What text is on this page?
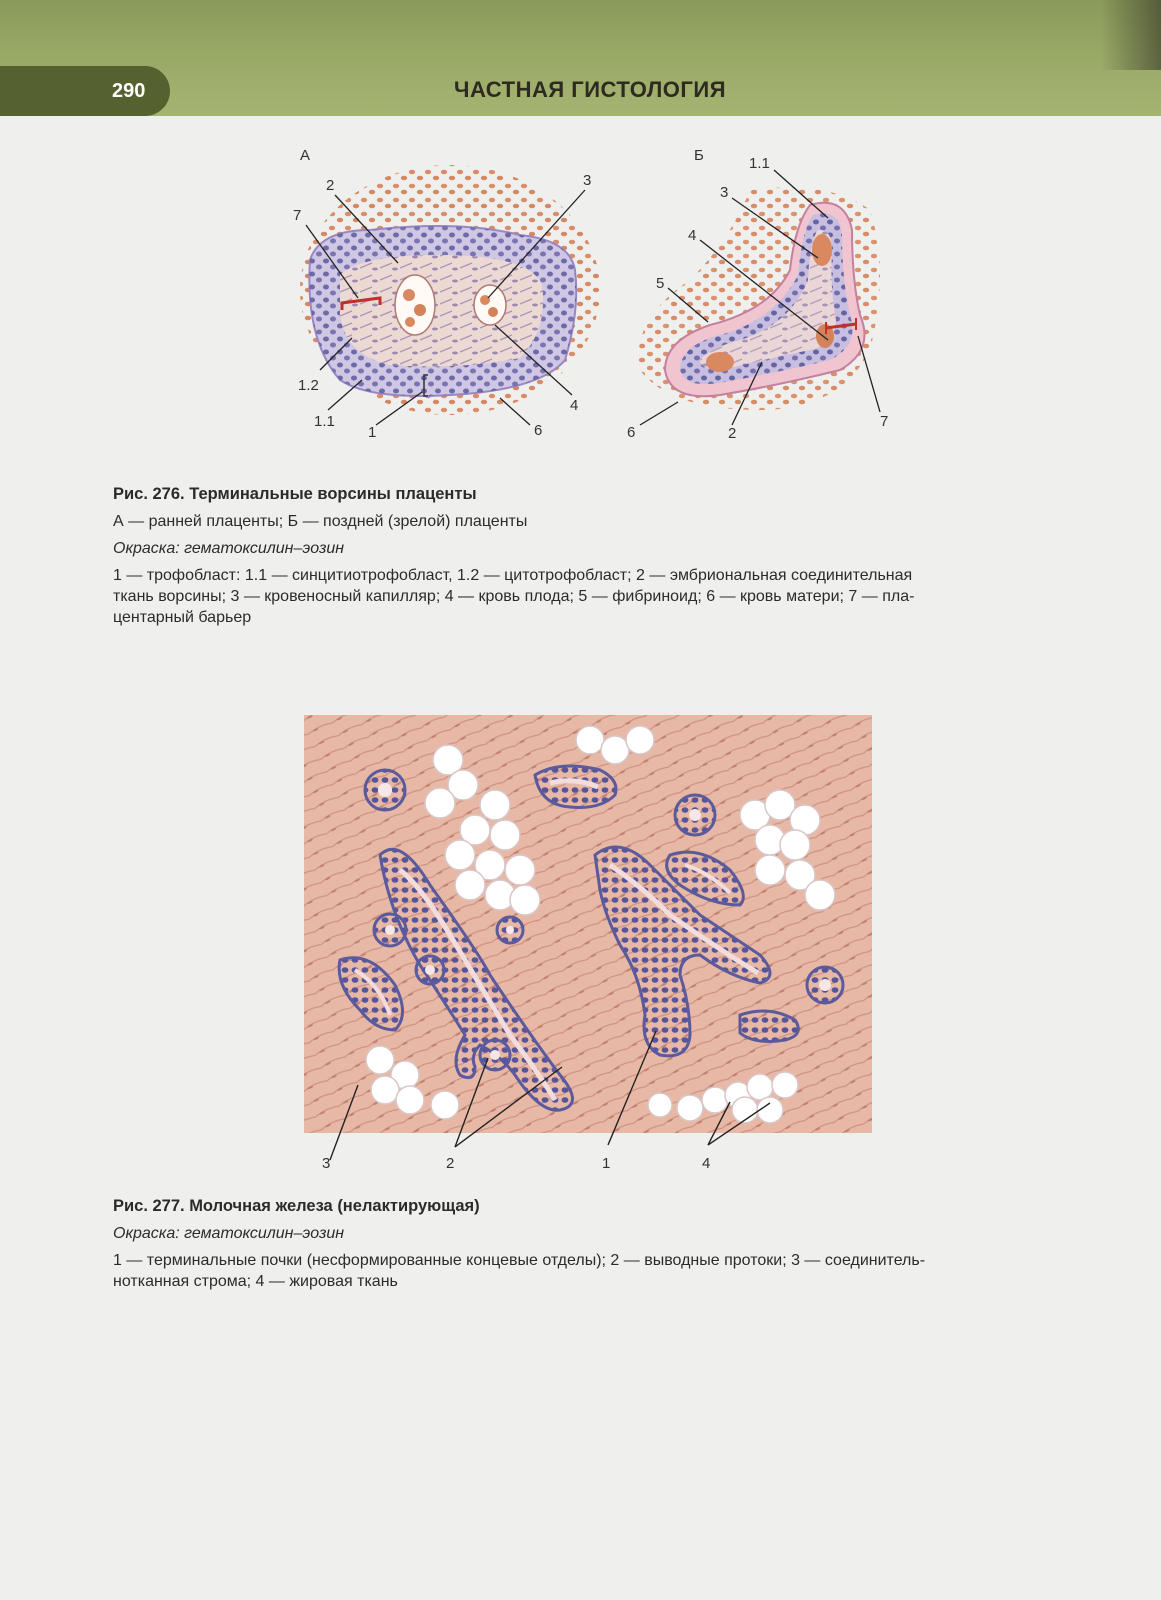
290	ЧАСТНАЯ ГИСТОЛОГИЯ
А
2
7
3
1.2
1.1
1
4
6
Б	1.1
3
4
5
6	2
7
Рис. 276. Терминальные ворсины плаценты
А — ранней плаценты; Б — поздней (зрелой) плаценты
Окраска: гематоксилин–эозин
1 — трофобласт: 1.1 — синцитиотрофобласт, 1.2 — цитотрофобласт; 2 — эмбриональная соединительная
ткань ворсины; 3 — кровеносный капилляр; 4 — кровь плода; 5 — фибриноид; 6 — кровь матери; 7 — пла-
центарный барьер
3	2	1	4
Рис. 277. Молочная железа (нелактирующая)
Окраска: гематоксилин–эозин
1 — терминальные почки (несформированные концевые отделы); 2 — выводные протоки; 3 — соединитель-
нотканная строма; 4 — жировая ткань
